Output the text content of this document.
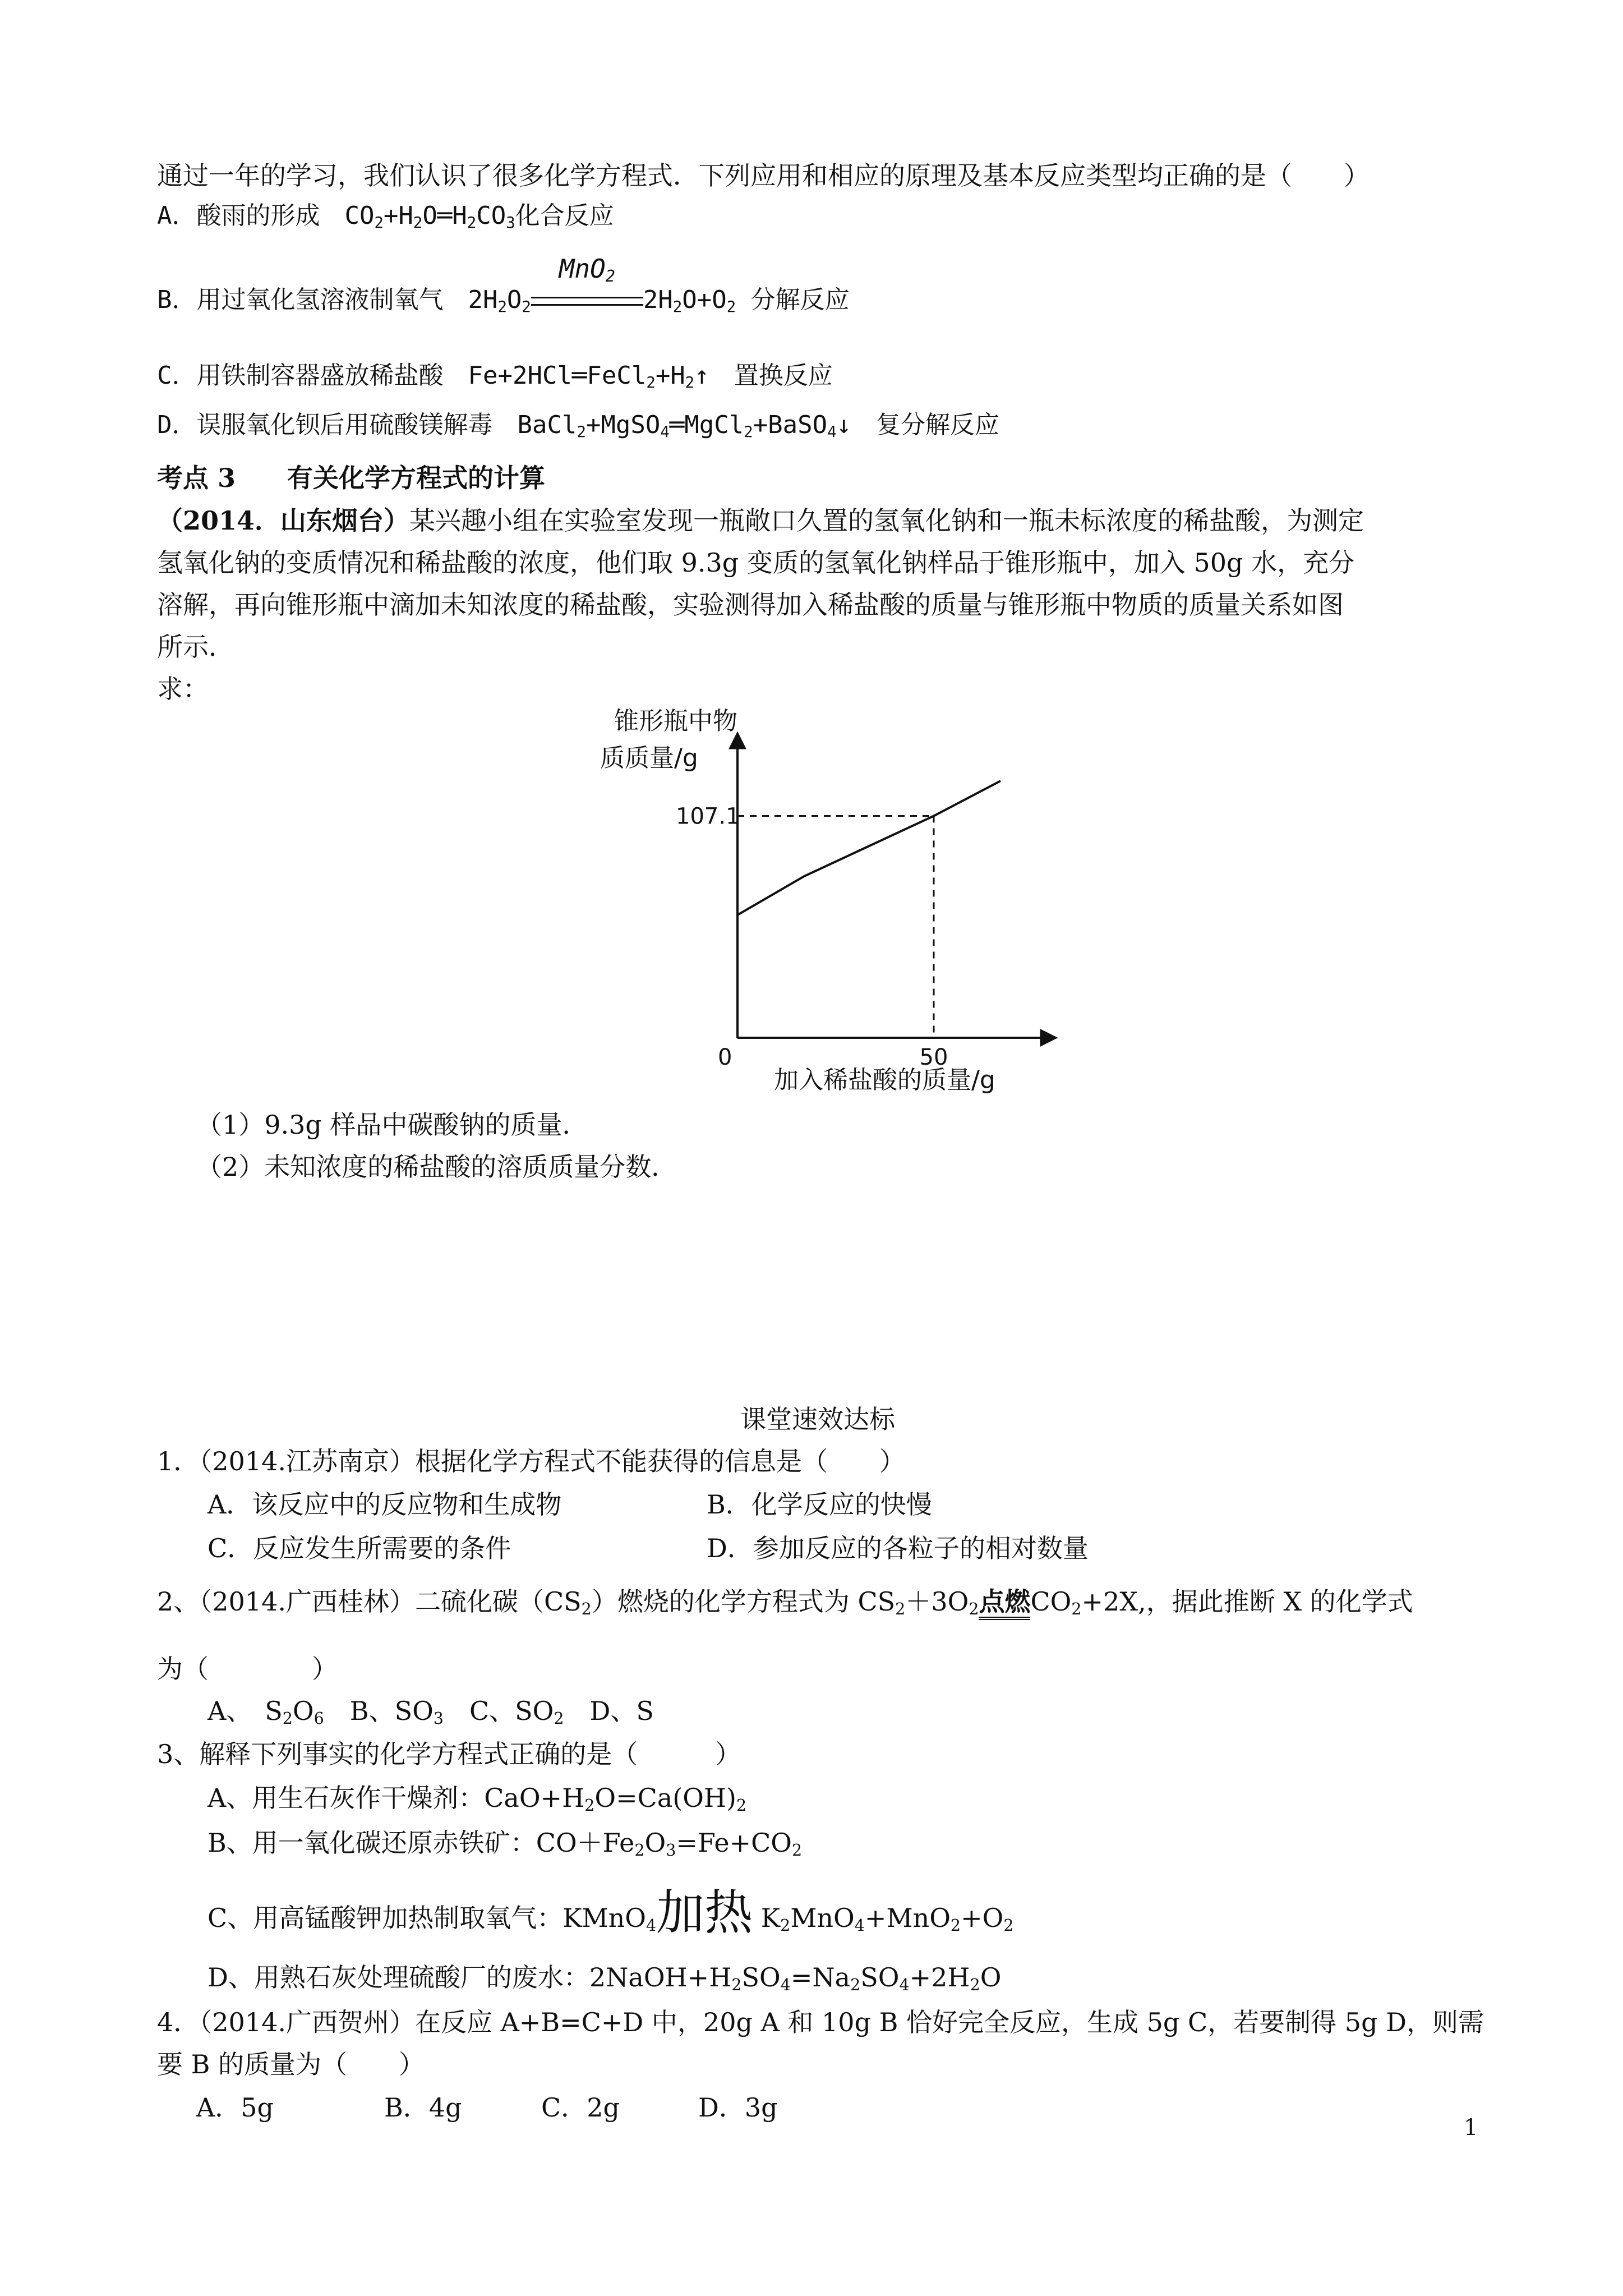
通过一年的学习，我们认识了很多化学方程式．下列应用和相应的原理及基本反应类型均正确的是（　　）
A．酸雨的形成　 $CO_2+H_2O═H_2CO_3$化合反应
B．用过氧化氢溶液制氧气　 $2H_2O_2$
MnO$_2$
$2H_2O+O_2$ 分解反应
C．用铁制容器盛放稀盐酸　 $Fe+2HCl═FeCl_2+H_2↑$　 置换反应
D．误服氧化钡后用硫酸镁解毒　 BaCl$_2$+MgSO$_4$═MgCl$_2$+BaSO$_4$↓　 复分解反应
考点 3　　有关化学方程式的计算
（2014．山东烟台）某兴趣小组在实验室发现一瓶敞口久置的氢氧化钠和一瓶未标浓度的稀盐酸，为测定
氢氧化钠的变质情况和稀盐酸的浓度，他们取 9.3g 变质的氢氧化钠样品于锥形瓶中，加入 50g 水，充分
溶解，再向锥形瓶中滴加未知浓度的稀盐酸，实验测得加入稀盐酸的质量与锥形瓶中物质的质量关系如图
所示．
求：
锥形瓶中物
质质量/g
107.1
0	50
加入稀盐酸的质量/g
（1）9.3g 样品中碳酸钠的质量．
（2）未知浓度的稀盐酸的溶质质量分数．
课堂速效达标
1．（2014.江苏南京）根据化学方程式不能获得的信息是（　　）
A．该反应中的反应物和生成物	B．化学反应的快慢
C．反应发生所需要的条件	D．参加反应的各粒子的相对数量
2、（2014.广西桂林）二硫化碳$(CS_2)$燃烧的化学方程式为 $CS_2+3O_2$点燃$CO_2+2X$,，据此推断 X 的化学式
为（　　　　）
A、　$S_2O_6$　B、$SO_3$　C、$SO_2$　D、S
3、解释下列事实的化学方程式正确的是（　　　）
A、用生石灰作干燥剂：$CaO+H_2O=Ca(OH)_2$
B、用一氧化碳还原赤铁矿：$CO+Fe_2O_3=Fe+CO_2$
C、用高锰酸钾加热制取氧气：KMnO$_4$加热 $K_2MnO_4+MnO_2+O_2$
D、用熟石灰处理硫酸厂的废水：$2NaOH+H_2SO_4=Na_2SO_4+2H_2O$
4．（2014.广西贺州）在反应 A+B=C+D 中，20g A 和 10g B 恰好完全反应，生成 5g C，若要制得 5g D，则需
要 B 的质量为（　　）
A．5g	B．4g	C．2g	D．3g
1
